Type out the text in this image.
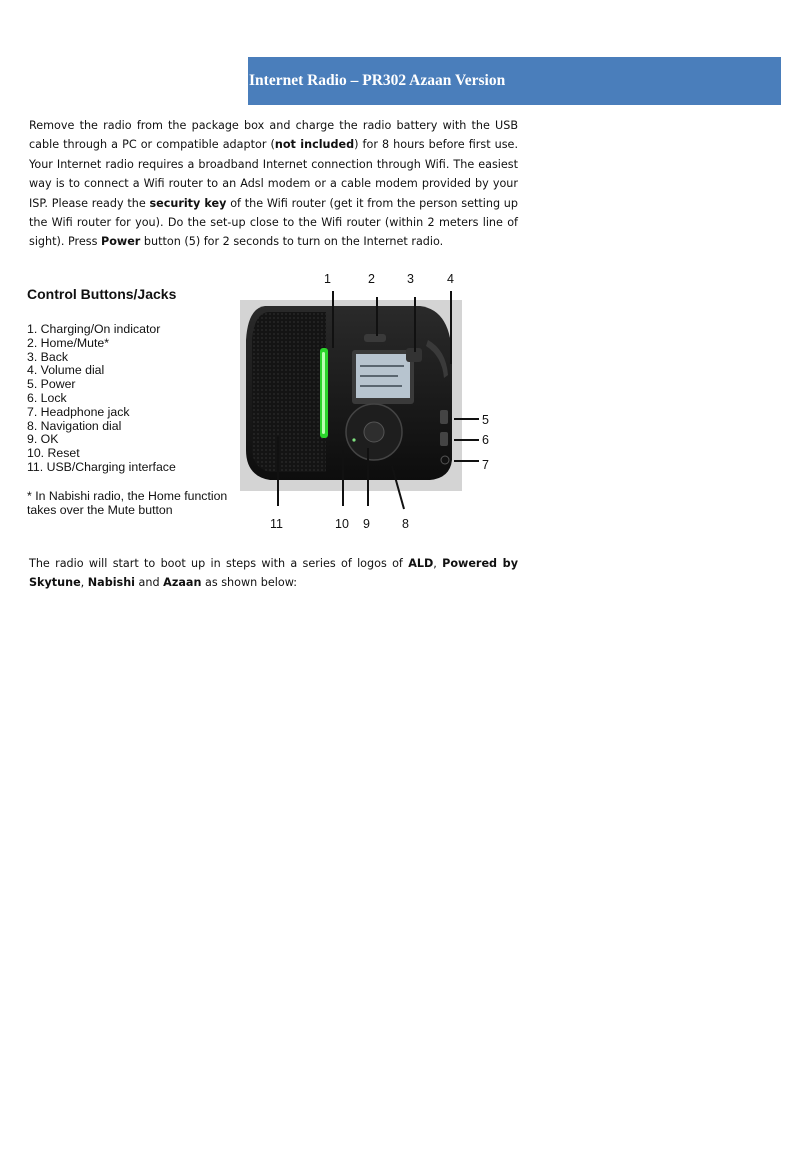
Internet Radio – PR302 Azaan Version

Remove the radio from the package box and charge the radio battery with the USB cable through a PC or compatible adaptor (not included) for 8 hours before first use. Your Internet radio requires a broadband Internet connection through Wifi. The easiest way is to connect a Wifi router to an Adsl modem or a cable modem provided by your ISP. Please ready the security key of the Wifi router (get it from the person setting up the Wifi router for you). Do the set-up close to the Wifi router (within 2 meters line of sight). Press Power button (5) for 2 seconds to turn on the Internet radio.

Control Buttons/Jacks
1. Charging/On indicator
2. Home/Mute*
3. Back
4. Volume dial
5. Power
6. Lock
7. Headphone jack
8. Navigation dial
9. OK
10. Reset
11. USB/Charging interface
* In Nabishi radio, the Home function takes over the Mute button
1	2	3	4
5
6
7
11	10 9	8

The radio will start to boot up in steps with a series of logos of ALD, Powered by Skytune, Nabishi and Azaan as shown below:
